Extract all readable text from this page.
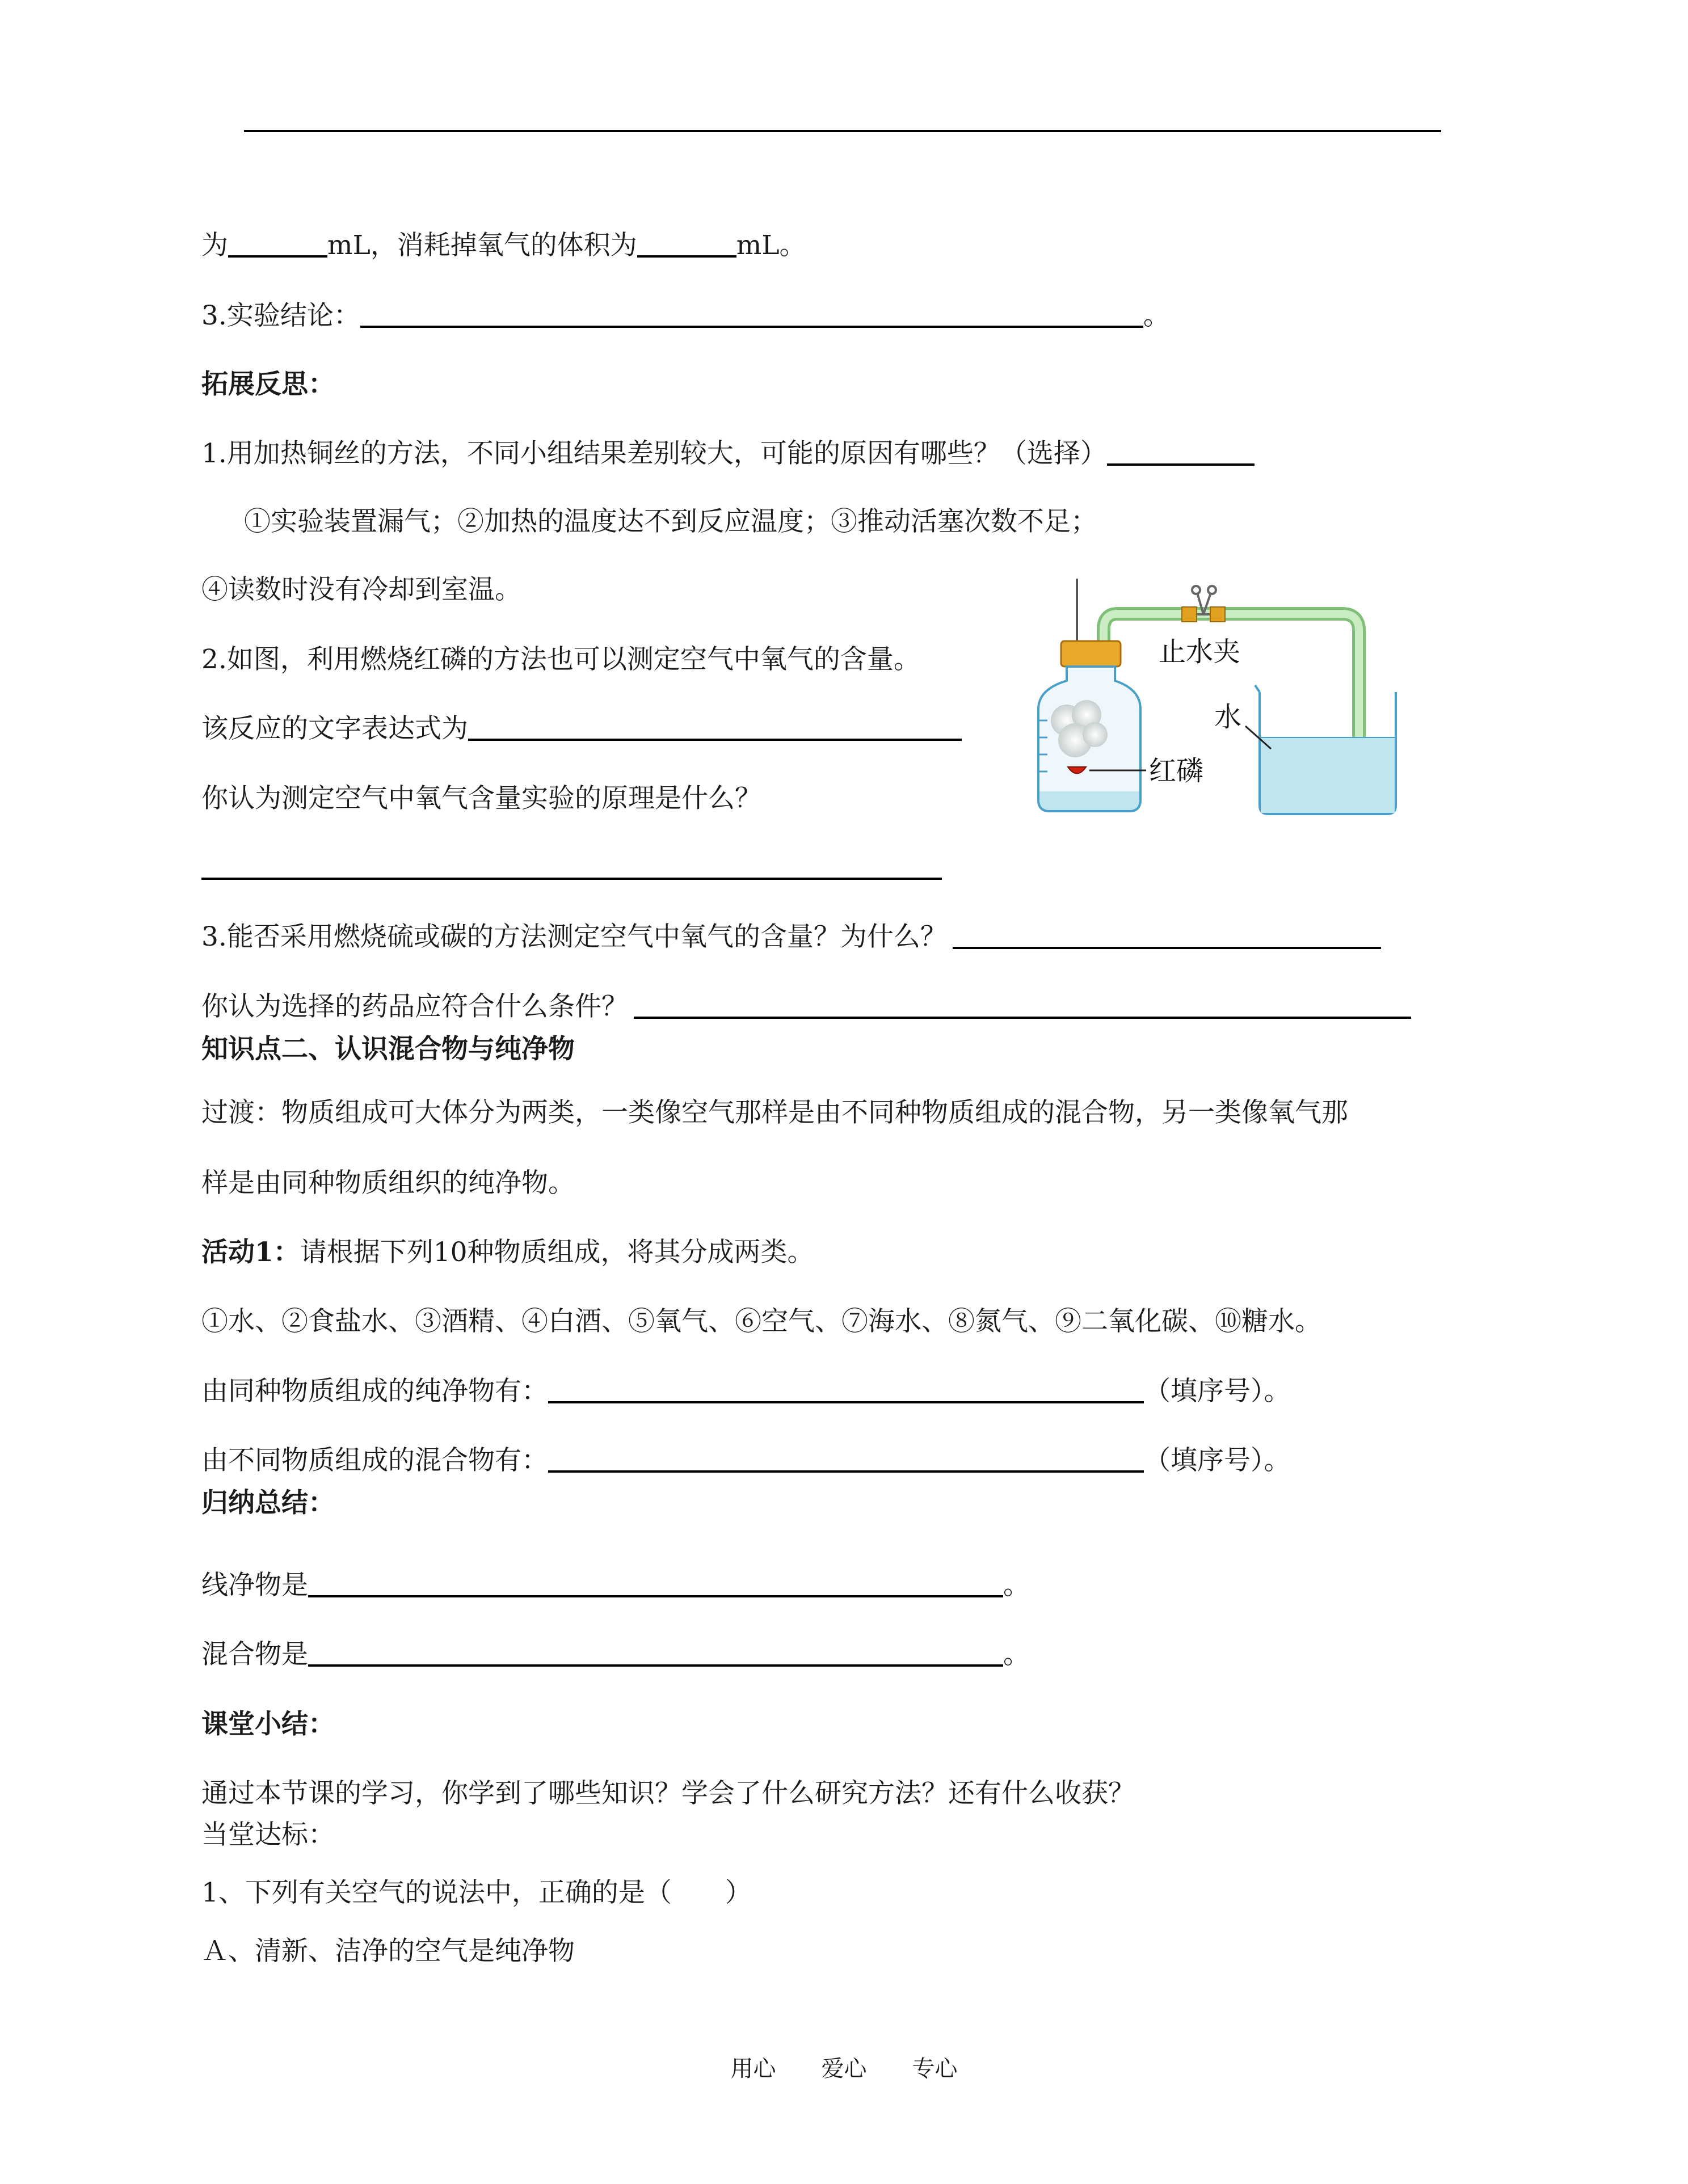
为	mL，消耗掉氧气的体积为	mL。
3.实验结论：	。
拓展反思：
1.用加热铜丝的方法，不同小组结果差别较大，可能的原因有哪些？（选择）
①实验装置漏气；②加热的温度达不到反应温度；③推动活塞次数不足；
④读数时没有冷却到室温。
2.如图，利用燃烧红磷的方法也可以测定空气中氧气的含量。
该反应的文字表达式为
你认为测定空气中氧气含量实验的原理是什么？
3.能否采用燃烧硫或碳的方法测定空气中氧气的含量？为什么？
你认为选择的药品应符合什么条件？
知识点二、认识混合物与纯净物
过渡：物质组成可大体分为两类，一类像空气那样是由不同种物质组成的混合物，另一类像氧气那
样是由同种物质组织的纯净物。
活动1：请根据下列10种物质组成，将其分成两类。
①水、②食盐水、③酒精、④白酒、⑤氧气、⑥空气、⑦海水、⑧氮气、⑨二氧化碳、⑩糖水。
由同种物质组成的纯净物有：	（填序号）。
由不同物质组成的混合物有：	（填序号）。
归纳总结：
线净物是	。
混合物是	。
课堂小结：
通过本节课的学习，你学到了哪些知识？学会了什么研究方法？还有什么收获？
当堂达标：
1、下列有关空气的说法中，正确的是（　　）
Ａ、清新、洁净的空气是纯净物
红磷
止水夹
水
用心 爱心 专心
